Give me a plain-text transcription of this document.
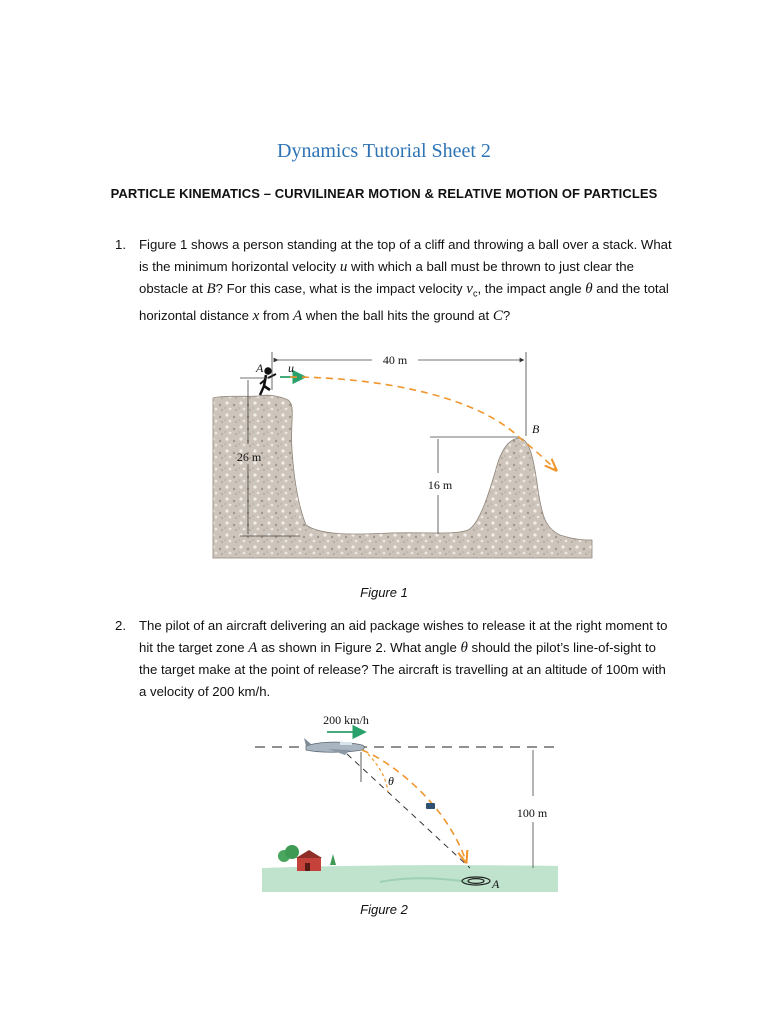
Dynamics Tutorial Sheet 2
PARTICLE KINEMATICS – CURVILINEAR MOTION & RELATIVE MOTION OF PARTICLES
1. Figure 1 shows a person standing at the top of a cliff and throwing a ball over a stack. What is the minimum horizontal velocity u with which a ball must be thrown to just clear the obstacle at B? For this case, what is the impact velocity $v_c$, the impact angle θ and the total horizontal distance x from A when the ball hits the ground at C?
40 m
26 m
16 m
A u
B
Figure 1
2. The pilot of an aircraft delivering an aid package wishes to release it at the right moment to hit the target zone A as shown in Figure 2. What angle θ should the pilot’s line-of-sight to the target make at the point of release? The aircraft is travelling at an altitude of 100m with a velocity of 200 km/h.
200 km/h
θ
A
100 m
Figure 2
